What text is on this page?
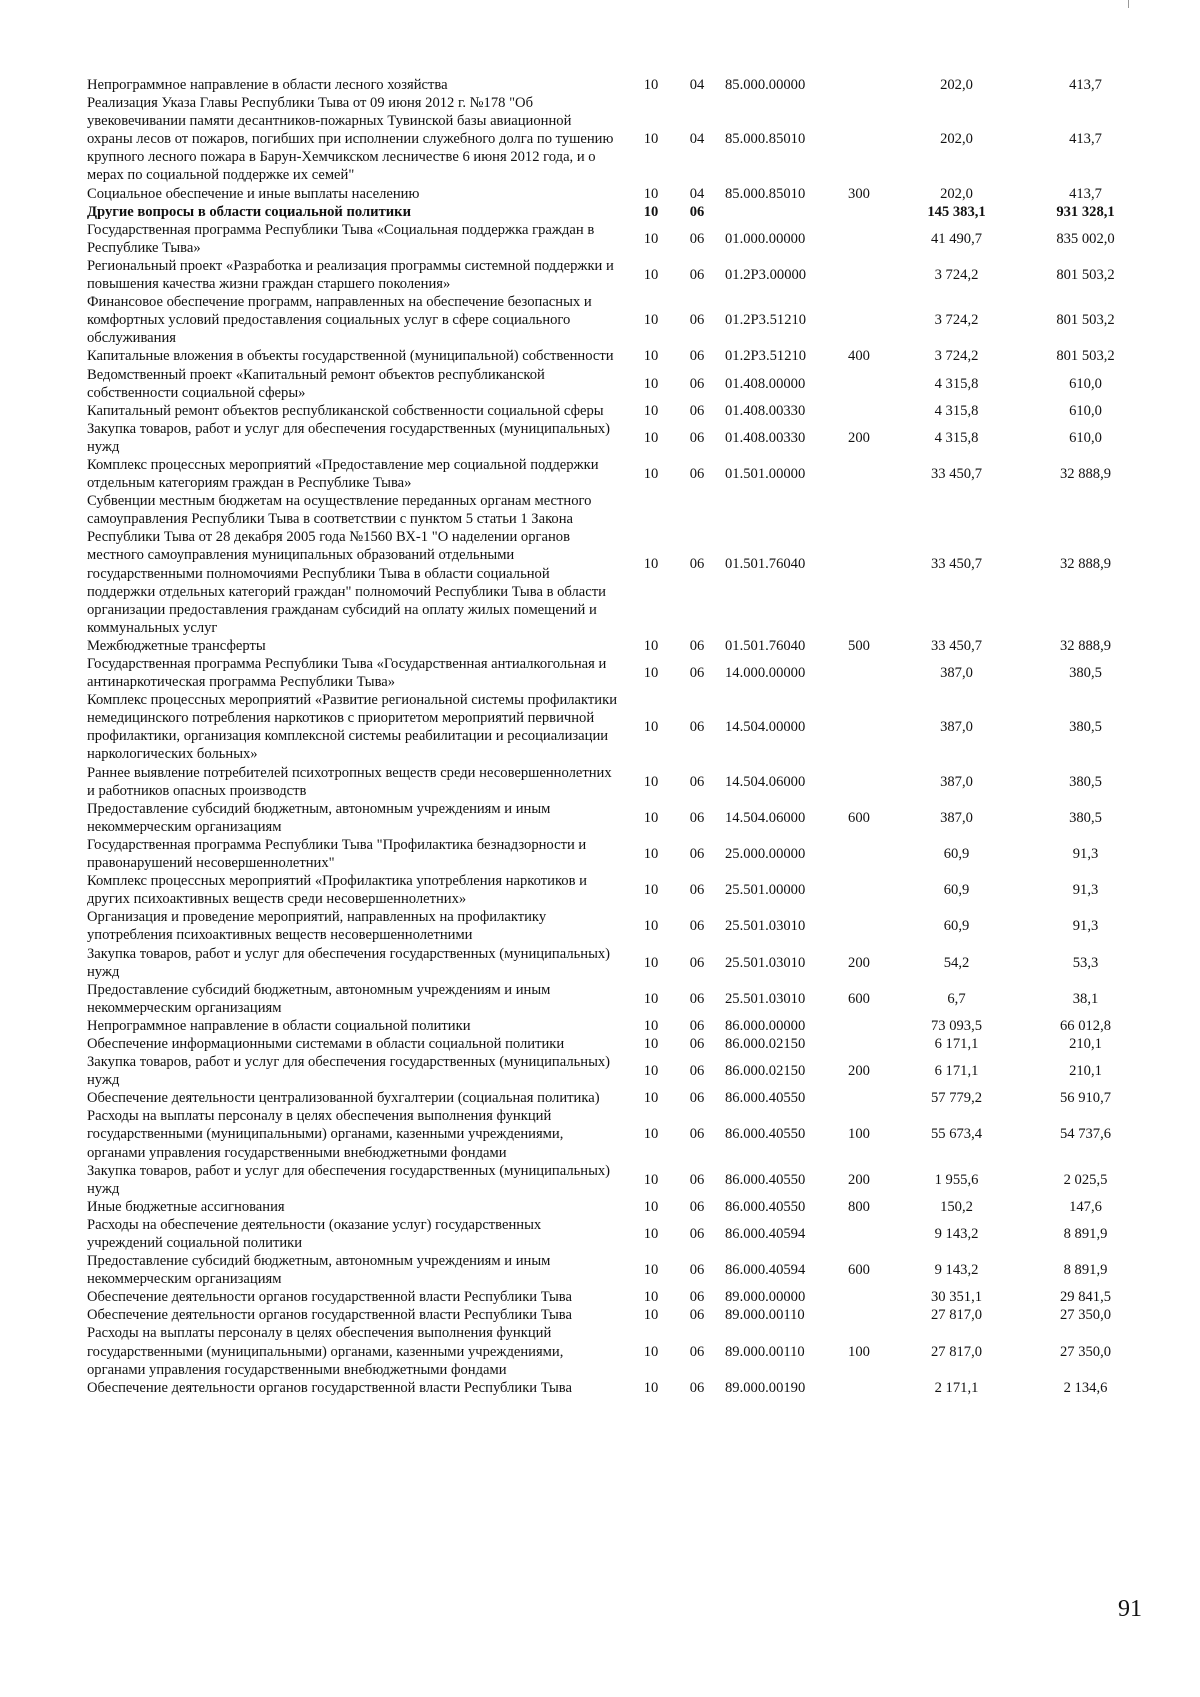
Непрограммное направление в области лесного хозяйства	10	04	85.000.00000		202,0	413,7
Реализация Указа Главы Республики Тыва от 09 июня 2012 г. №178 "Об увековечивании памяти десантников-пожарных Тувинской базы авиационной охраны лесов от пожаров, погибших при исполнении служебного долга по тушению крупного лесного пожара в Барун-Хемчикском лесничестве 6 июня 2012 года, и о мерах по социальной поддержке их семей"	10	04	85.000.85010		202,0	413,7
Социальное обеспечение и иные выплаты населению	10	04	85.000.85010	300	202,0	413,7
Другие вопросы в области социальной политики	10	06			145 383,1	931 328,1
Государственная программа Республики Тыва «Социальная поддержка граждан в Республике Тыва»	10	06	01.000.00000		41 490,7	835 002,0
Региональный проект «Разработка и реализация программы системной поддержки и повышения качества жизни граждан старшего поколения»	10	06	01.2P3.00000		3 724,2	801 503,2
Финансовое обеспечение программ, направленных на обеспечение безопасных и комфортных условий предоставления социальных услуг в сфере социального обслуживания	10	06	01.2P3.51210		3 724,2	801 503,2
Капитальные вложения в объекты государственной (муниципальной) собственности	10	06	01.2P3.51210	400	3 724,2	801 503,2
Ведомственный проект «Капитальный ремонт объектов республиканской собственности социальной сферы»	10	06	01.408.00000		4 315,8	610,0
Капитальный ремонт объектов республиканской собственности социальной сферы	10	06	01.408.00330		4 315,8	610,0
Закупка товаров, работ и услуг для обеспечения государственных (муниципальных) нужд	10	06	01.408.00330	200	4 315,8	610,0
Комплекс процессных мероприятий «Предоставление мер социальной поддержки отдельным категориям граждан в Республике Тыва»	10	06	01.501.00000		33 450,7	32 888,9
Субвенции местным бюджетам на осуществление переданных органам местного самоуправления Республики Тыва в соответствии с пунктом 5 статьи 1 Закона Республики Тыва от 28 декабря 2005 года №1560 ВХ-1 "О наделении органов местного самоуправления муниципальных образований отдельными государственными полномочиями Республики Тыва в области социальной поддержки отдельных категорий граждан" полномочий Республики Тыва в области организации предоставления гражданам субсидий на оплату жилых помещений и коммунальных услуг	10	06	01.501.76040		33 450,7	32 888,9
Межбюджетные трансферты	10	06	01.501.76040	500	33 450,7	32 888,9
Государственная программа Республики Тыва «Государственная антиалкогольная и антинаркотическая программа Республики Тыва»	10	06	14.000.00000		387,0	380,5
Комплекс процессных мероприятий «Развитие региональной системы профилактики немедицинского потребления наркотиков с приоритетом мероприятий первичной профилактики, организация комплексной системы реабилитации и ресоциализации наркологических больных»	10	06	14.504.00000		387,0	380,5
Раннее выявление потребителей психотропных веществ среди несовершеннолетних и работников опасных производств	10	06	14.504.06000		387,0	380,5
Предоставление субсидий бюджетным, автономным учреждениям и иным некоммерческим организациям	10	06	14.504.06000	600	387,0	380,5
Государственная программа Республики Тыва "Профилактика безнадзорности и правонарушений несовершеннолетних"	10	06	25.000.00000		60,9	91,3
Комплекс процессных мероприятий «Профилактика употребления наркотиков и других психоактивных веществ среди несовершеннолетних»	10	06	25.501.00000		60,9	91,3
Организация и проведение мероприятий, направленных на профилактику употребления психоактивных веществ несовершеннолетними	10	06	25.501.03010		60,9	91,3
Закупка товаров, работ и услуг для обеспечения государственных (муниципальных) нужд	10	06	25.501.03010	200	54,2	53,3
Предоставление субсидий бюджетным, автономным учреждениям и иным некоммерческим организациям	10	06	25.501.03010	600	6,7	38,1
Непрограммное направление в области социальной политики	10	06	86.000.00000		73 093,5	66 012,8
Обеспечение информационными системами в области социальной политики	10	06	86.000.02150		6 171,1	210,1
Закупка товаров, работ и услуг для обеспечения государственных (муниципальных) нужд	10	06	86.000.02150	200	6 171,1	210,1
Обеспечение деятельности централизованной бухгалтерии (социальная политика)	10	06	86.000.40550		57 779,2	56 910,7
Расходы на выплаты персоналу в целях обеспечения выполнения функций государственными (муниципальными) органами, казенными учреждениями, органами управления государственными внебюджетными фондами	10	06	86.000.40550	100	55 673,4	54 737,6
Закупка товаров, работ и услуг для обеспечения государственных (муниципальных) нужд	10	06	86.000.40550	200	1 955,6	2 025,5
Иные бюджетные ассигнования	10	06	86.000.40550	800	150,2	147,6
Расходы на обеспечение деятельности (оказание услуг) государственных учреждений социальной политики	10	06	86.000.40594		9 143,2	8 891,9
Предоставление субсидий бюджетным, автономным учреждениям и иным некоммерческим организациям	10	06	86.000.40594	600	9 143,2	8 891,9
Обеспечение деятельности органов государственной власти Республики Тыва	10	06	89.000.00000		30 351,1	29 841,5
Обеспечение деятельности органов государственной власти Республики Тыва	10	06	89.000.00110		27 817,0	27 350,0
Расходы на выплаты персоналу в целях обеспечения выполнения функций государственными (муниципальными) органами, казенными учреждениями, органами управления государственными внебюджетными фондами	10	06	89.000.00110	100	27 817,0	27 350,0
Обеспечение деятельности органов государственной власти Республики Тыва	10	06	89.000.00190		2 171,1	2 134,6
91
